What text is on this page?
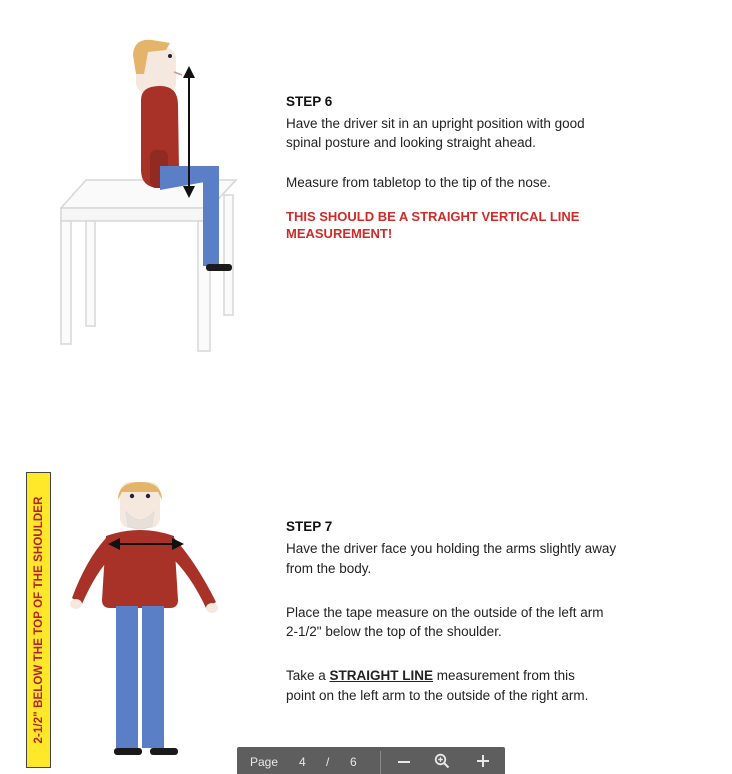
STEP 6
Have the driver sit in an upright position with good
spinal posture and looking straight ahead.
Measure from tabletop to the tip of the nose.
THIS SHOULD BE A STRAIGHT VERTICAL LINE
MEASUREMENT!
2-1/2" BELOW THE TOP OF THE SHOULDER	STEP 7
Have the driver face you holding the arms slightly away
from the body.
Place the tape measure on the outside of the left arm
2-1/2" below the top of the shoulder.
Take a STRAIGHT LINE measurement from this
point on the left arm to the outside of the right arm.
Page 4 / 6
